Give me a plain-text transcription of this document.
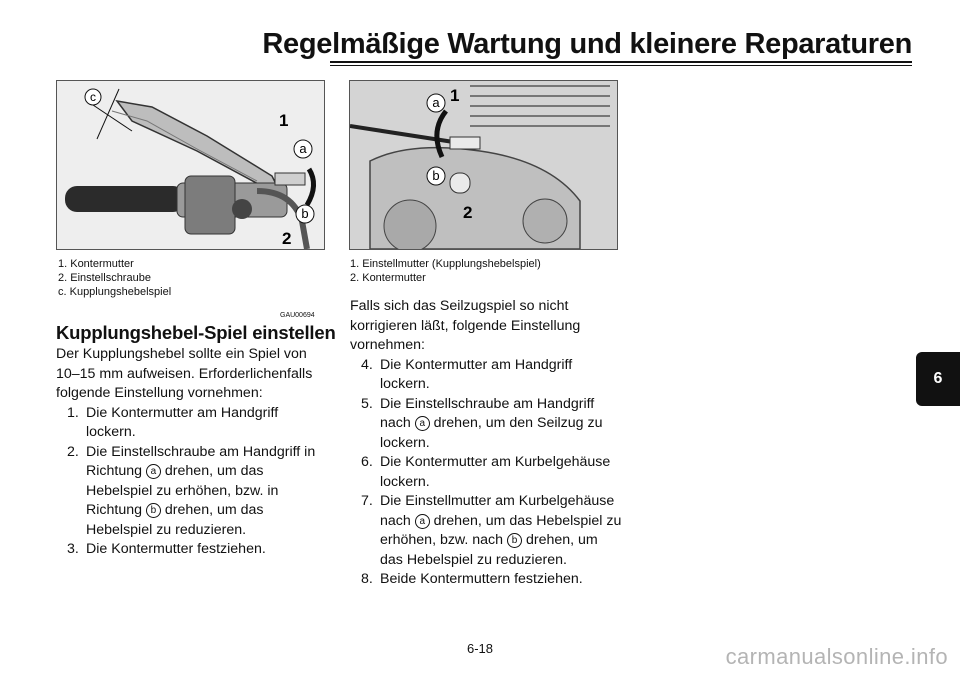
Regelmäßige Wartung und kleinere Reparaturen
c
a
b
1
2
a
b
1
2
1. Kontermutter
2. Einstellschraube
c. Kupplungshebelspiel
1. Einstellmutter (Kupplungshebelspiel)
2. Kontermutter
GAU00694
Kupplungshebel-Spiel einstellen

Der Kupplungshebel sollte ein Spiel von 10–15 mm aufweisen. Erforderlichenfalls folgende Einstellung vornehmen:

1. Die Kontermutter am Handgriff lockern.
2. Die Einstellschraube am Handgriff in Richtung a drehen, um das Hebelspiel zu erhöhen, bzw. in Richtung b drehen, um das Hebelspiel zu reduzieren.
3. Die Kontermutter festziehen.

Falls sich das Seilzugspiel so nicht korrigieren läßt, folgende Einstellung vornehmen:

4. Die Kontermutter am Handgriff lockern.
5. Die Einstellschraube am Handgriff nach a drehen, um den Seilzug zu lockern.
6. Die Kontermutter am Kurbelgehäuse lockern.
7. Die Einstellmutter am Kurbelgehäuse nach a drehen, um das Hebelspiel zu erhöhen, bzw. nach b drehen, um das Hebelspiel zu reduzieren.
8. Beide Kontermuttern festziehen.
6
6-18	carmanualsonline.info
